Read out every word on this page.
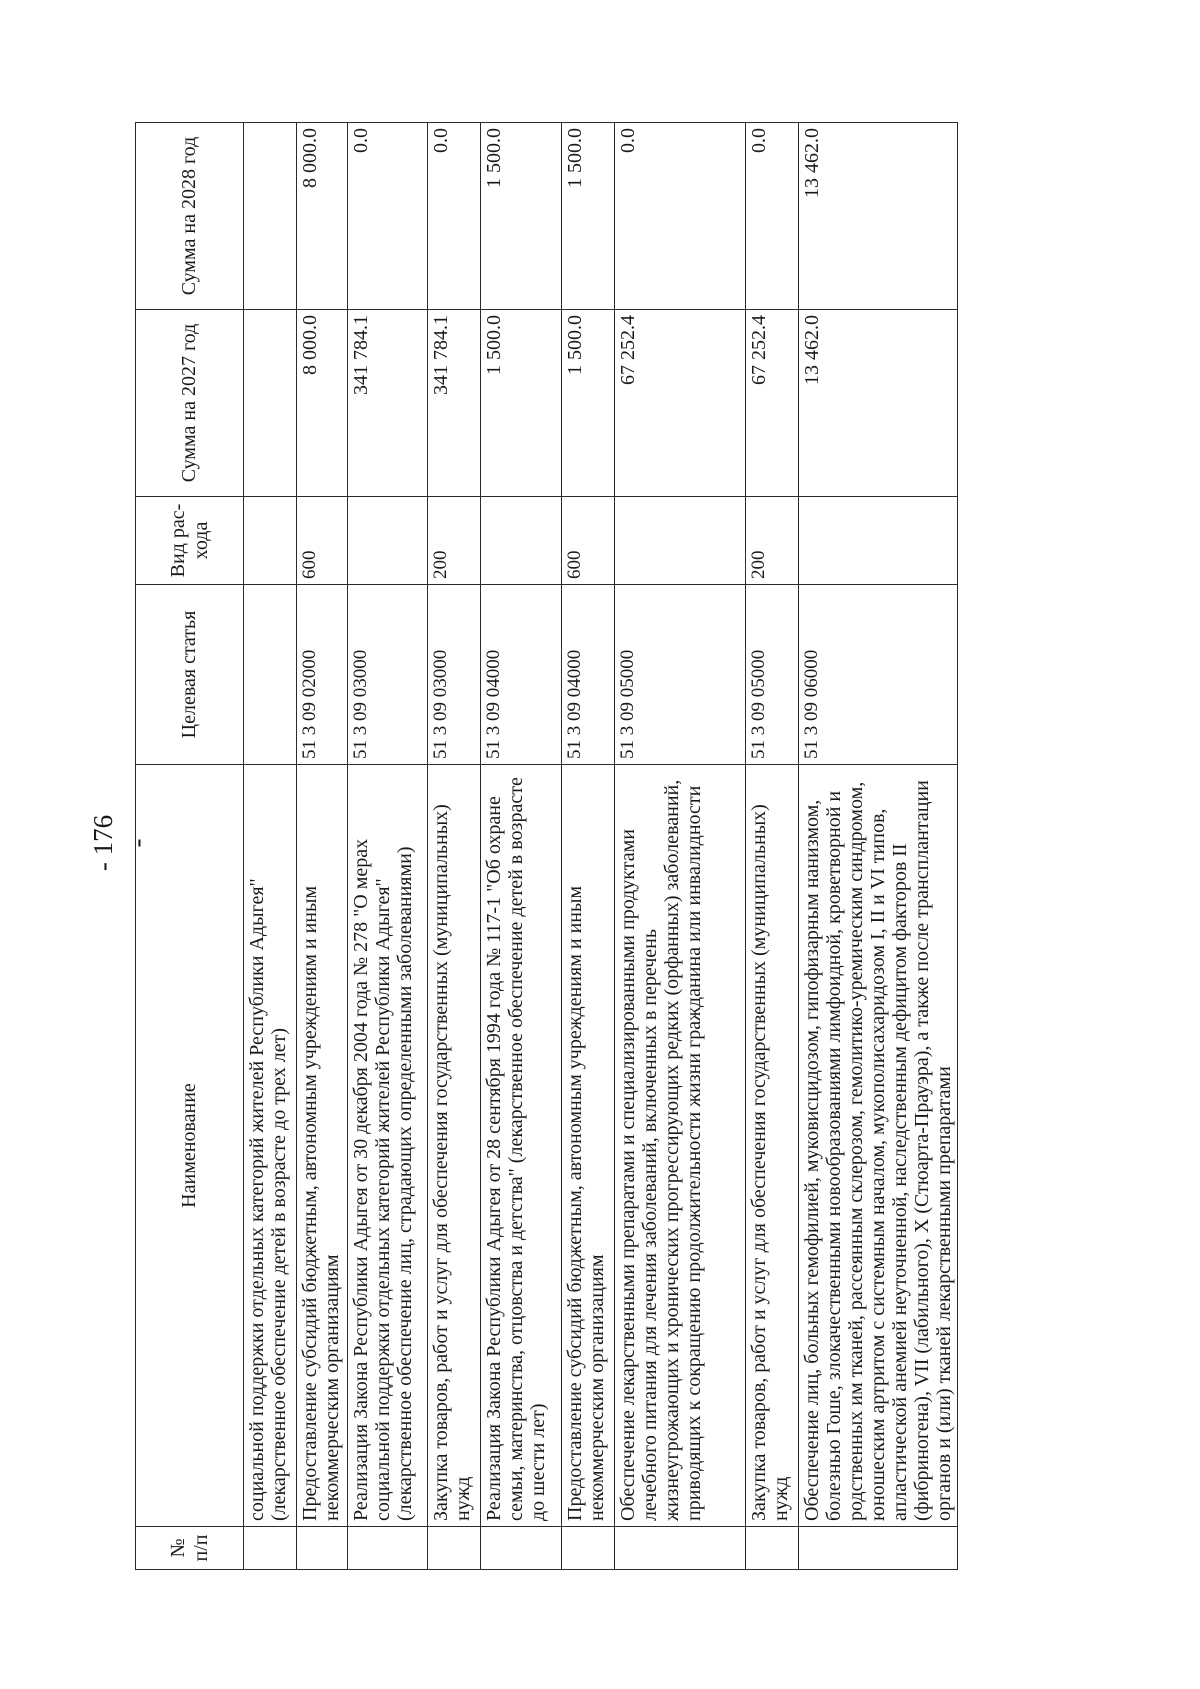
- 176 -
№ п/п	Наименование	Целевая статья	Вид рас- хода	Сумма на 2027 год	Сумма на 2028 год
	социальной поддержки отдельных категорий жителей Республики Адыгея" (лекарственное обеспечение детей в возрасте до трех лет)				
	Предоставление субсидий бюджетным, автономным учреждениям и иным некоммерческим организациям	51 3 09 02000	600	8 000.0	8 000.0
	Реализация Закона Республики Адыгея от 30 декабря 2004 года № 278 "О мерах социальной поддержки отдельных категорий жителей Республики Адыгея" (лекарственное обеспечение лиц, страдающих определенными заболеваниями)	51 3 09 03000		341 784.1	0.0
	Закупка товаров, работ и услуг для обеспечения государственных (муниципальных) нужд	51 3 09 03000	200	341 784.1	0.0
	Реализация Закона Республики Адыгея от 28 сентября 1994 года № 117-1 "Об охране семьи, материнства, отцовства и детства" (лекарственное обеспечение детей в возрасте до шести лет)	51 3 09 04000		1 500.0	1 500.0
	Предоставление субсидий бюджетным, автономным учреждениям и иным некоммерческим организациям	51 3 09 04000	600	1 500.0	1 500.0
	Обеспечение лекарственными препаратами и специализированными продуктами лечебного питания для лечения заболеваний, включенных в перечень жизнеугрожающих и хронических прогрессирующих редких (орфанных) заболеваний, приводящих к сокращению продолжительности жизни гражданина или инвалидности	51 3 09 05000		67 252.4	0.0
	Закупка товаров, работ и услуг для обеспечения государственных (муниципальных) нужд	51 3 09 05000	200	67 252.4	0.0
	Обеспечение лиц, больных гемофилией, муковисцидозом, гипофизарным нанизмом, болезнью Гоше, злокачественными новообразованиями лимфоидной, кроветворной и родственных им тканей, рассеянным склерозом, гемолитико-уремическим синдромом, юношеским артритом с системным началом, мукополисахаридозом I, II и VI типов, апластической анемией неуточненной, наследственным дефицитом факторов II (фибриногена), VII (лабильного), X (Стюарта-Прауэра), а также после трансплантации органов и (или) тканей лекарственными препаратами	51 3 09 06000		13 462.0	13 462.0
